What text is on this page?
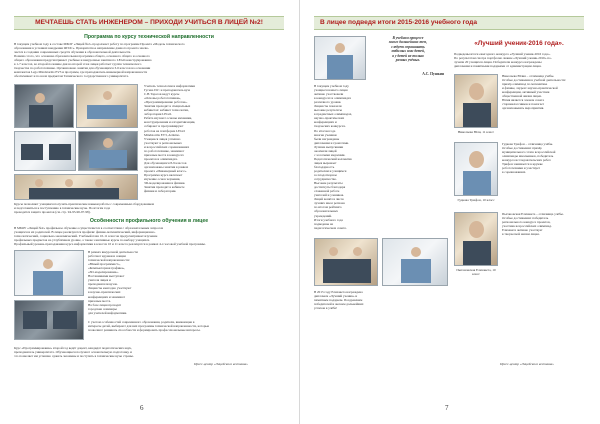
МЕЧТАЕШЬ СТАТЬ ИНЖЕНЕРОМ – ПРИХОДИ УЧИТЬСЯ В ЛИЦЕЙ №2!
Программа по курсу технической направленности
В текущем учебном году в составе МБОУ «Лицей №2» продолжает работу по программе Проекта «Модель технического
образования в условиях внедрения ФГОС». Приоритетное направление данного проекта заклю-
чается в создании современных средств обучения в образовательной деятельности.
Помимо этого, что основная образовательная программа общего, основного общего и основного
общего образования предусматривает учебные и внеурочные занятия по LEGO-конструированию
в 1-7 классах, во второй половине дня на второй этаж лицея работает группа технического
творчества по робототехнике. Организовано занятия для обучающихся 3-6 классов на основании
комплектов Lego Mindstorms EV3 и программ, где преподаватель инженерной направленности
обеспечивает и по всем предметам Технического государственного университета.
Учитель технологии и информатики
Гусева И.Г. и преподаватель вуза
С.Н.Тарасов ведут курсы
«Основы робототехники»,
«Программирование роботов».
Занятия проходят в специальных
кабинетах: кабинет технологии,
лаборатория LEGO.
Ребята изучают основы механики,
конструирования и алгоритмизации,
собирают и программируют
роботов на платформе LEGO
Mindstorms EV3, Arduino.
Учащиеся лицея успешно
участвуют в региональных
и всероссийских соревнованиях
по робототехнике, занимают
призовые места в конкурсах
проектов и олимпиадах.
Для обучающихся 8-9 классов
организованы занятия в рамках
проекта «Инженерный класс».
Программа курса включает
изучение основ черчения,
3D-моделирования и физики.
Занятия проходят в кабинете
физики и лаборатории.
Курсы позволяют учащимся получить практические навыки работы с современным оборудованием
и подготовиться к поступлению в технические вузы. По итогам года
проводится защита проектов (см. стр. 94-95-96-97-98).
Особенности профильного обучения в лицее
В МБОУ «Лицей №2» профильное обучение осуществляется в соответствии с образовательным запросом
учащихся и их родителей. В лицее реализуются профили: физико-математический, информационно-
технологический, социально-экономический. Учебный план 10-11 классов предусматривает изучение
профильных предметов на углублённом уровне, а также элективные курсы по выбору учащихся.
Профильный уровень преподавания курса информатики в классах 10 и 11 класса реализуется в рамках 4-х часовой учебной программы.
В рамках внеурочной деятельности
работают кружки и секции
технической направленности:
«Юный программист»,
«Компьютерная графика»,
«3D-моделирование».
Наставниками выступают
учителя лицея и
преподаватели вузов.
Лицеисты ежегодно участвуют
в научно-практических
конференциях и занимают
призовые места.
На базе лицея проходят
городские семинары
для учителей информатики.
С учетом особенностей современного образования, родители, вникающие в
интересы детей, выбирают для них программы технической направленности, которые
позволяют развивать способности и формировать профессиональные интересы.
Курс «Программирование» второй год ведёт доцент, кандидат педагогических наук,
преподаватель университета. Обучающиеся получают основательную подготовку, и
это позволяет им успешно сдавать экзамены и поступать в технические вузы страны.
Пресс-центр «Лицейского вестника»
6
В лицее подведя итоги 2015-2016 учебного года
В учебном процессе
много дальнейших тем,
следует спрашивать
любимых ими детей,
а у детей не только
разных учёных.
А.С. Пушкин
В текущем учебном году
учащиеся нашего лицея
активно участвовали
в конкурсах и олимпиадах
различного уровня.
Лицеисты показали
высокие результаты
в предметных олимпиадах,
научно-практических
конференциях и
творческих конкурсах.
По итогам года
многие ученики
были награждены
дипломами и грамотами.
Лучшие выпускники
окончили лицей
с золотыми медалями.
Педагогический коллектив
лицея выражает
благодарность
родителям и учащимся
за плодотворное
сотрудничество.
Высокие результаты
достигнуты благодаря
слаженной работе
учителей и учеников.
Лицей вошёл в число
лучших школ региона
по итогам рейтинга
образовательных
учреждений.
Итоги учебного года
подведены на
педагогическом совете.
В 2015 году Елизавета награждена
дипломом «Лучший ученик» и
памятным подарком. Поздравляем
победителей и желаем дальнейших
успехов в учёбе!
«Лучший ученик-2016 года».
Подведены итоги ежегодного конкурса «Лучший ученик-2016 года».
По результатам смотра портфолио звание «Лучший ученик-2016» по-
лучили 20 учащихся лицея. Победители конкурса награждены
дипломами и памятными подарками от администрации лицея.
Николаева Юля, 11 класс
Николаева Юлия – отличница учёбы.
Особые достижения в учебной деятельности:
призёр олимпиад по математике
и физике, лауреат научно-практической
конференции, активный участник
общественной жизни лицея.
Юлия является членом совета
старшеклассников и помогает
организовывать мероприятия.
Гудкова Трифон, 10 класс
Гудкова Трифон – отличница учёбы.
Особые достижения: призёр
муниципального этапа всероссийской
олимпиады школьников, победитель
конкурса исследовательских работ.
Трифон занимается в кружке
робототехники и участвует
в соревнованиях.
Пыгановская Елизавета, 10 класс
Пыгановская Елизавета – отличница учёбы.
Особые достижения: победитель
регионального конкурса проектов,
участник всероссийских олимпиад.
Елизавета активно участвует
в творческой жизни лицея.
Пресс-центр «Лицейского вестника»
7
